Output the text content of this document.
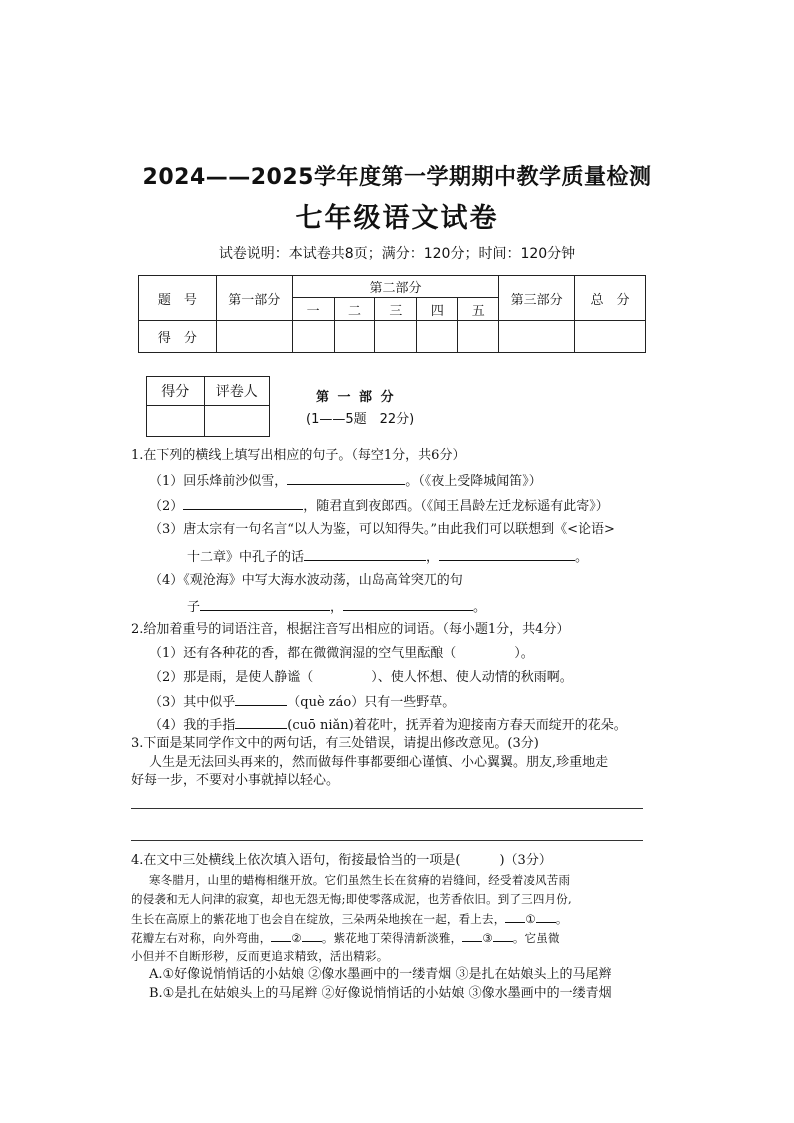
2024——2025学年度第一学期期中教学质量检测
七年级语文试卷
试卷说明：本试卷共8页；满分：120分；时间：120分钟
题　号	第一部分	第二部分					第三部分	总　分
		一	二	三	四	五		
得　分								
得分	评卷人
		第 一 部 分
(1——5题　22分)
1.在下列的横线上填写出相应的句子。（每空1分，共6分）
（1）回乐烽前沙似雪，	。（《夜上受降城闻笛》）
（2）	，随君直到夜郎西。（《闻王昌龄左迁龙标遥有此寄》）
（3）唐太宗有一句名言“以人为鉴，可以知得失。”由此我们可以联想到《<论语>
十二章》中孔子的话	，	。
（4）《观沧海》中写大海水波动荡，山岛高耸突兀的句
子	，	。
2.给加着重号的词语注音，根据注音写出相应的词语。（每小题1分，共4分）
（1）还有各种花的香，都在微微润湿的空气里酝酿（	）。
（2）那是雨，是使人静谧（	）、使人怀想、使人动情的秋雨啊。
（3）其中似乎	（què záo）只有一些野草。
（4）我的手指	(cuō niǎn)着花叶，抚弄着为迎接南方春天而绽开的花朵。
3.下面是某同学作文中的两句话，有三处错误，请提出修改意见。(3分)
人生是无法回头再来的，然而做每件事都要细心谨慎、小心翼翼。朋友,珍重地走
好每一步，不要对小事就掉以轻心。
4.在文中三处横线上依次填入语句，衔接最恰当的一项是(　　　)（3分）
寒冬腊月，山里的蜡梅相继开放。它们虽然生长在贫瘠的岩缝间，经受着凌风苦雨
的侵袭和无人问津的寂寞，却也无怨无悔;即使零落成泥，也芳香依旧。到了三四月份,
生长在高原上的紫花地丁也会自在绽放，三朵两朵地挨在一起，看上去， ① 。
花瓣左右对称，向外弯曲， ② 。紫花地丁荣得清新淡雅， ③ 。它虽微
小但并不自断形秽，反而更追求精致，活出精彩。
A.①好像说悄悄话的小姑娘 ②像水墨画中的一缕青烟 ③是扎在姑娘头上的马尾辫
B.①是扎在姑娘头上的马尾辫 ②好像说悄悄话的小姑娘 ③像水墨画中的一缕青烟
